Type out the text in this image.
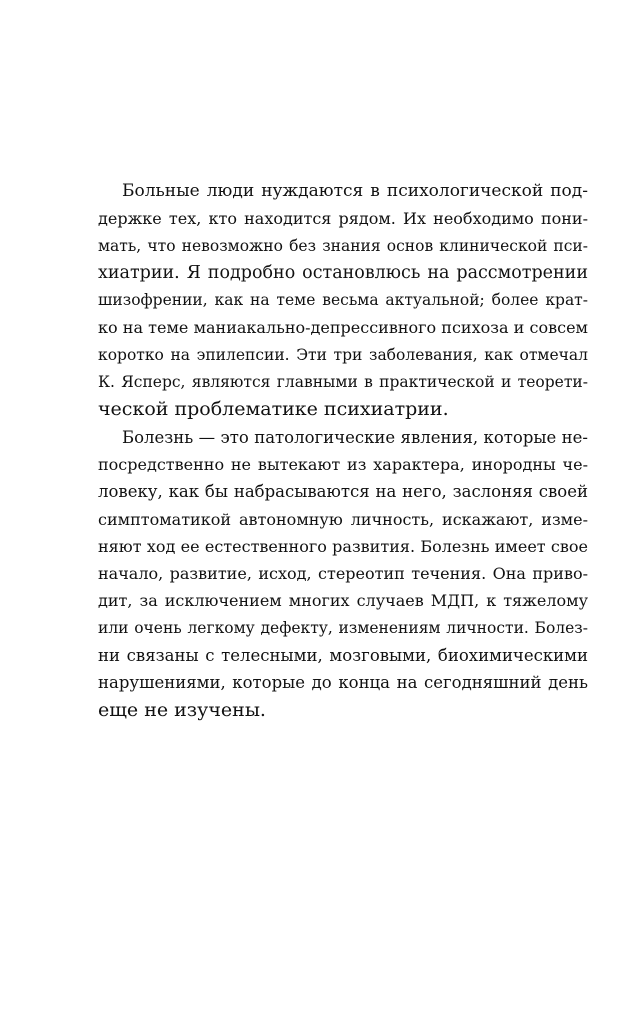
Больные люди нуждаются в психологической под-
держке тех, кто находится рядом. Их необходимо пони-
мать, что невозможно без знания основ клинической пси-
хиатрии. Я подробно остановлюсь на рассмотрении
шизофрении, как на теме весьма актуальной; более крат-
ко на теме маниакально-депрессивного психоза и совсем
коротко на эпилепсии. Эти три заболевания, как отмечал
К. Ясперс, являются главными в практической и теорети-
ческой проблематике психиатрии.
Болезнь — это патологические явления, которые не-
посредственно не вытекают из характера, инородны че-
ловеку, как бы набрасываются на него, заслоняя своей
симптоматикой автономную личность, искажают, изме-
няют ход ее естественного развития. Болезнь имеет свое
начало, развитие, исход, стереотип течения. Она приво-
дит, за исключением многих случаев МДП, к тяжелому
или очень легкому дефекту, изменениям личности. Болез-
ни связаны с телесными, мозговыми, биохимическими
нарушениями, которые до конца на сегодняшний день
еще не изучены.
